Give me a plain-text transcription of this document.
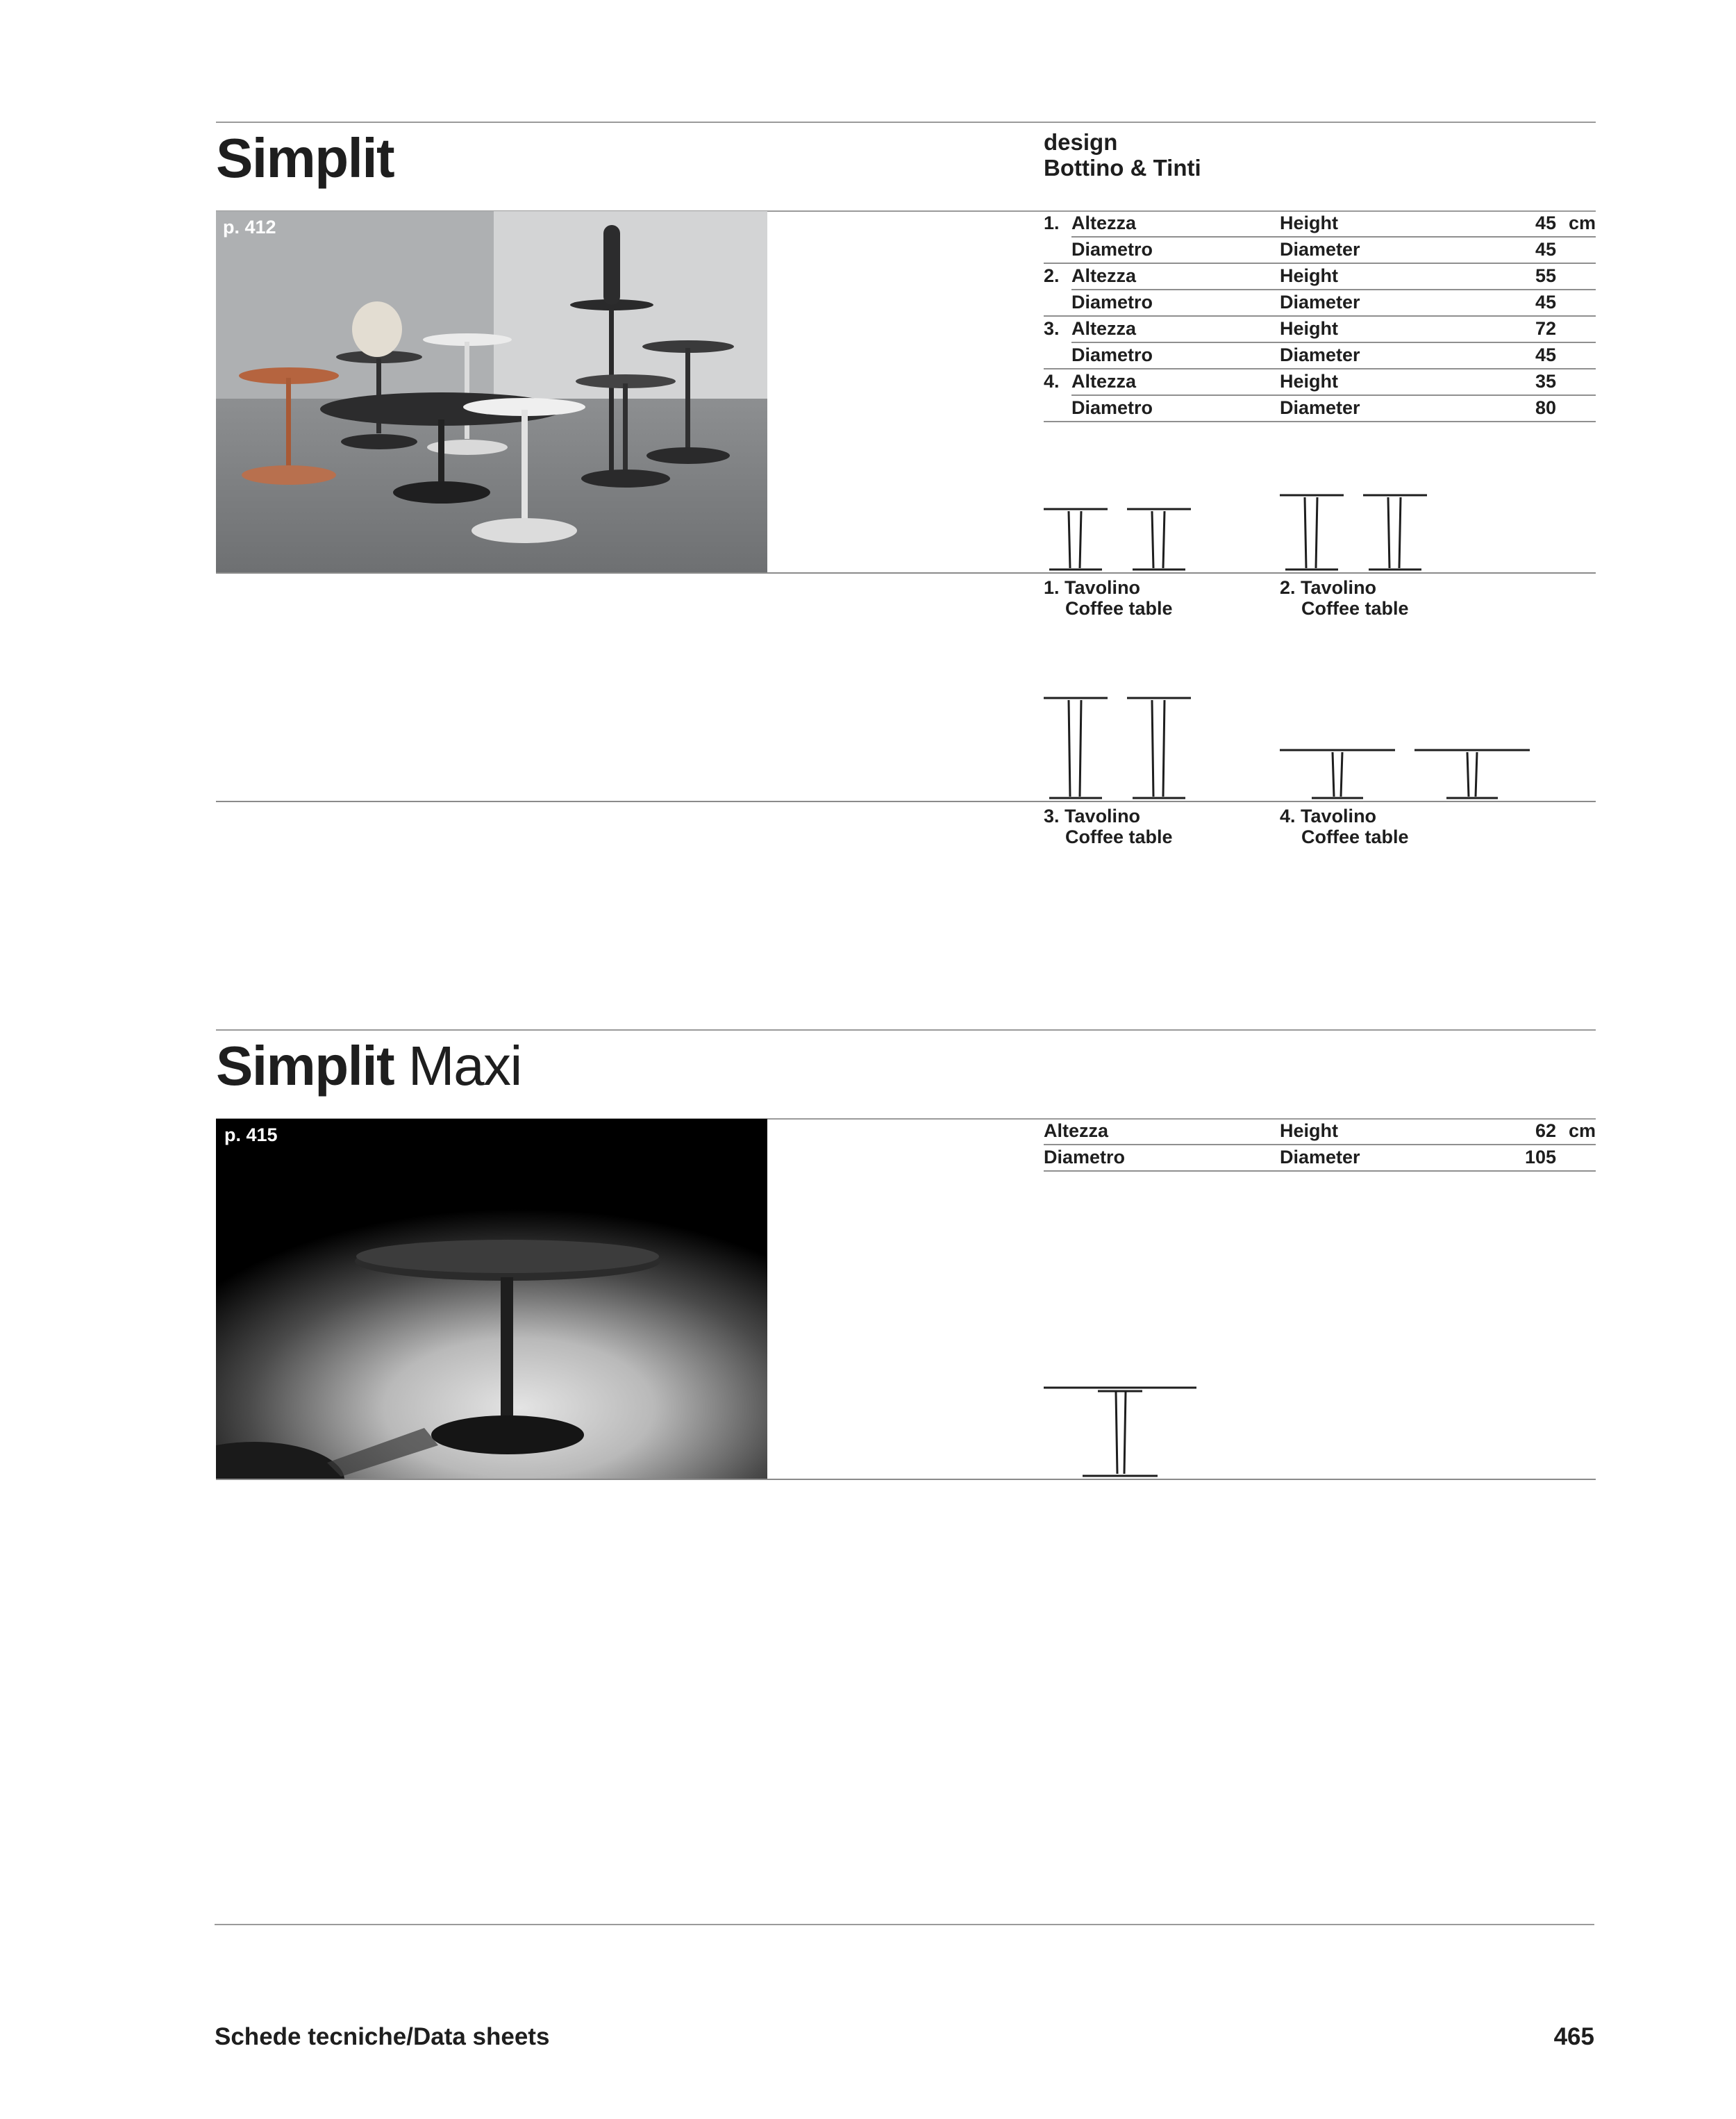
Simplit	design
Bottino & Tinti
p. 412	1. Altezza	Height	45 cm
Diametro	Diameter	45
2. Altezza	Height	55
Diametro	Diameter	45
3. Altezza	Height	72
Diametro	Diameter	45
4. Altezza	Height	35
Diametro	Diameter	80
1. Tavolino
Coffee table
2. Tavolino
Coffee table
3. Tavolino
Coffee table
4. Tavolino
Coffee table
Simplit Maxi
p. 415	Altezza	Height	62 cm
Diametro	Diameter	105
Schede tecniche/Data sheets	465
